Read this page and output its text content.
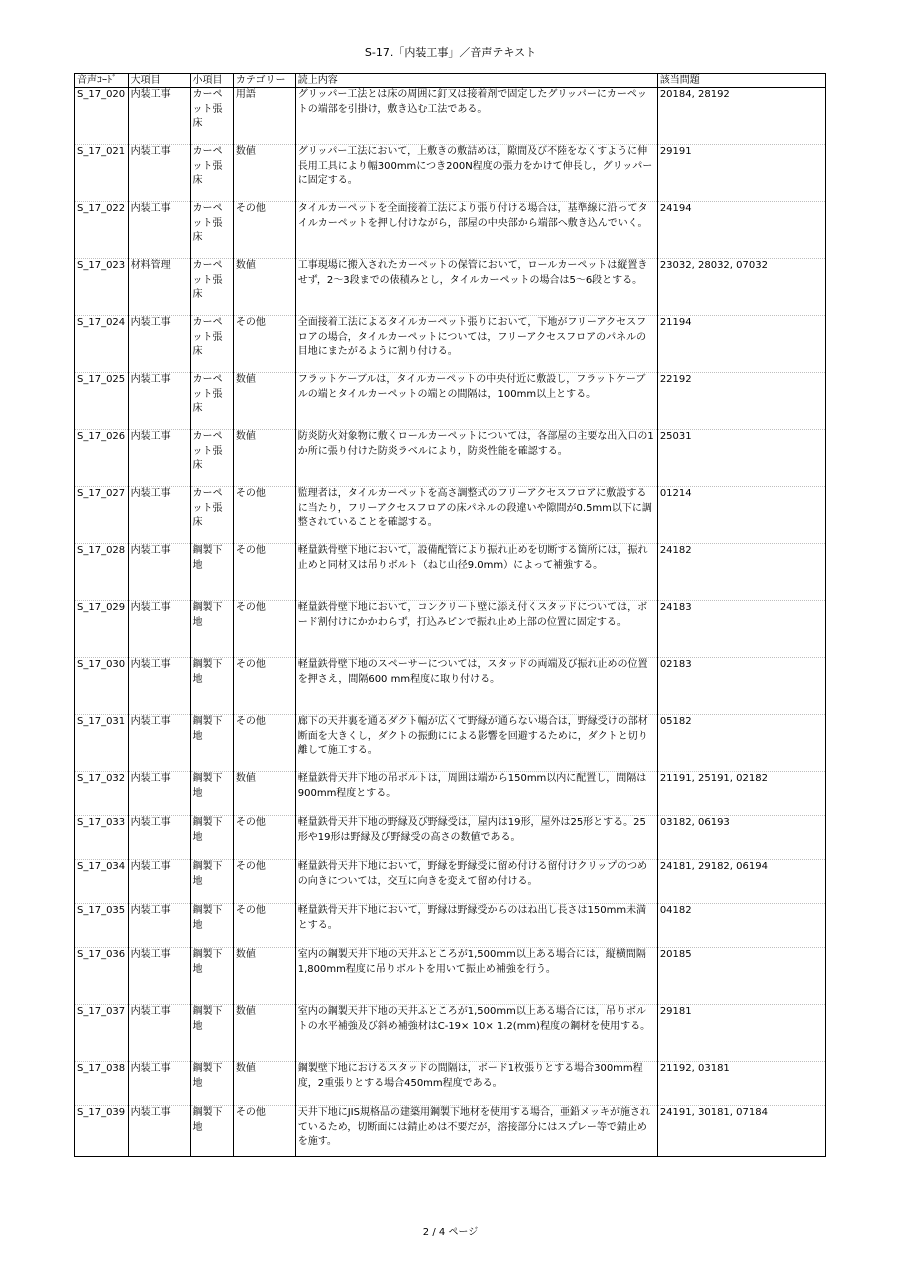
S-17.「内装工事」／音声テキスト
音声ｺｰﾄﾞ	大項目	小項目	カテゴリー	読上内容	該当問題
S_17_020	内装工事	カーペット張床	用語	グリッパー工法とは床の周囲に釘又は接着剤で固定したグリッパーにカーペットの端部を引掛け，敷き込む工法である。	20184, 28192
S_17_021	内装工事	カーペット張床	数値	グリッパー工法において，上敷きの敷詰めは，隙間及び不陸をなくすように伸長用工具により幅300mmにつき200N程度の張力をかけて伸長し，グリッパーに固定する。	29191
S_17_022	内装工事	カーペット張床	その他	タイルカーペットを全面接着工法により張り付ける場合は，基準線に沿ってタイルカーペットを押し付けながら，部屋の中央部から端部へ敷き込んでいく。	24194
S_17_023	材料管理	カーペット張床	数値	工事現場に搬入されたカーペットの保管において，ロールカーペットは縦置きせず，2～3段までの俵積みとし，タイルカーペットの場合は5～6段とする。	23032, 28032, 07032
S_17_024	内装工事	カーペット張床	その他	全面接着工法によるタイルカーペット張りにおいて，下地がフリーアクセスフロアの場合，タイルカーペットについては，フリーアクセスフロアのパネルの目地にまたがるように割り付ける。	21194
S_17_025	内装工事	カーペット張床	数値	フラットケーブルは，タイルカーペットの中央付近に敷設し，フラットケーブルの端とタイルカーペットの端との間隔は，100mm以上とする。	22192
S_17_026	内装工事	カーペット張床	数値	防炎防火対象物に敷くロールカーペットについては，各部屋の主要な出入口の1か所に張り付けた防炎ラベルにより，防炎性能を確認する。	25031
S_17_027	内装工事	カーペット張床	その他	監理者は，タイルカーペットを高さ調整式のフリーアクセスフロアに敷設するに当たり，フリーアクセスフロアの床パネルの段違いや隙間が0.5mm以下に調整されていることを確認する。	01214
S_17_028	内装工事	鋼製下地	その他	軽量鉄骨壁下地において，設備配管により振れ止めを切断する箇所には，振れ止めと同材又は吊りボルト（ねじ山径9.0mm）によって補強する。	24182
S_17_029	内装工事	鋼製下地	その他	軽量鉄骨壁下地において，コンクリート壁に添え付くスタッドについては，ボード割付けにかかわらず，打込みピンで振れ止め上部の位置に固定する。	24183
S_17_030	内装工事	鋼製下地	その他	軽量鉄骨壁下地のスペーサーについては，スタッドの両端及び振れ止めの位置を押さえ，間隔600 mm程度に取り付ける。	02183
S_17_031	内装工事	鋼製下地	その他	廊下の天井裏を通るダクト幅が広くて野縁が通らない場合は，野縁受けの部材断面を大きくし，ダクトの振動にによる影響を回避するために，ダクトと切り離して施工する。	05182
S_17_032	内装工事	鋼製下地	数値	軽量鉄骨天井下地の吊ボルトは，周囲は端から150mm以内に配置し，間隔は900mm程度とする。	21191, 25191, 02182
S_17_033	内装工事	鋼製下地	その他	軽量鉄骨天井下地の野縁及び野縁受は，屋内は19形，屋外は25形とする。25形や19形は野縁及び野縁受の高さの数値である。	03182, 06193
S_17_034	内装工事	鋼製下地	その他	軽量鉄骨天井下地において，野縁を野縁受に留め付ける留付けクリップのつめの向きについては，交互に向きを変えて留め付ける。	24181, 29182, 06194
S_17_035	内装工事	鋼製下地	その他	軽量鉄骨天井下地において，野縁は野縁受からのはね出し長さは150mm未満とする。	04182
S_17_036	内装工事	鋼製下地	数値	室内の鋼製天井下地の天井ふところが1,500mm以上ある場合には，縦横間隔1,800mm程度に吊りボルトを用いて振止め補強を行う。	20185
S_17_037	内装工事	鋼製下地	数値	室内の鋼製天井下地の天井ふところが1,500mm以上ある場合には，吊りボルトの水平補強及び斜め補強材はC-19× 10× 1.2(mm)程度の鋼材を使用する。	29181
S_17_038	内装工事	鋼製下地	数値	鋼製壁下地におけるスタッドの間隔は，ボード1枚張りとする場合300mm程度，2重張りとする場合450mm程度である。	21192, 03181
S_17_039	内装工事	鋼製下地	その他	天井下地にJIS規格品の建築用鋼製下地材を使用する場合，亜鉛メッキが施されているため，切断面には錆止めは不要だが，溶接部分にはスプレー等で錆止めを施す。	24191, 30181, 07184
2 / 4 ページ
